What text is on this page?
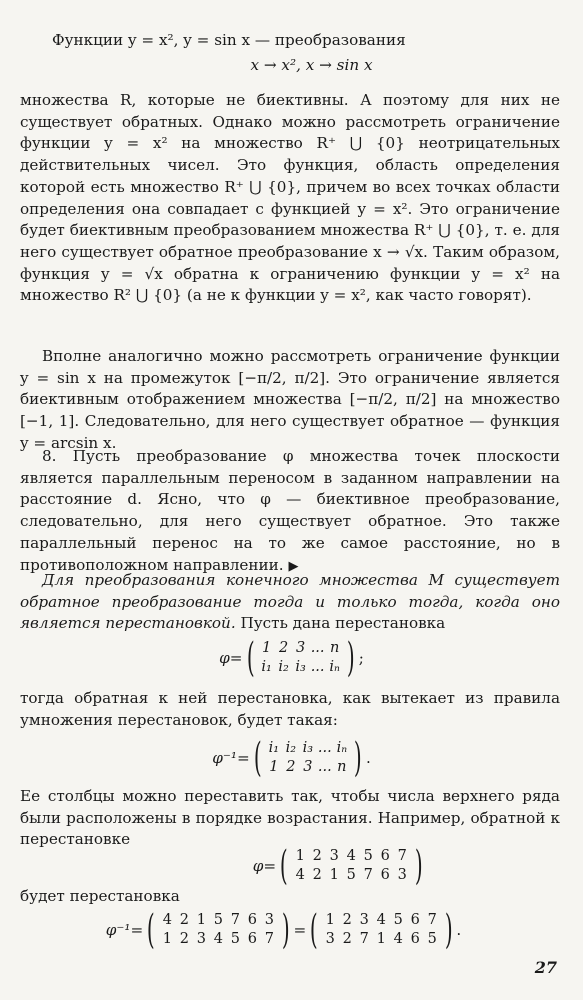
Функции y = x², y = sin x — преобразования

x → x², x → sin x

множества R, которые не биективны. А поэтому для них не существует обратных. Однако можно рассмотреть ограничение функции y = x² на множество R⁺ ⋃ {0} неотрицательных действительных чисел. Это функция, область определения которой есть множество R⁺ ⋃ {0}, причем во всех точках области определения она совпадает с функцией y = x². Это ограничение будет биективным преобразованием множества R⁺ ⋃ {0}, т. е. для него существует обратное преобразование x → √x. Таким образом, функция y = √x обратна к ограничению функции y = x² на множество R² ⋃ {0} (а не к функции y = x², как часто говорят).

Вполне аналогично можно рассмотреть ограничение функции y = sin x на промежуток [−π/2, π/2]. Это ограничение является биективным отображением множества [−π/2, π/2] на множество [−1, 1]. Следовательно, для него существует обратное — функция y = arcsin x.

8. Пусть преобразование φ множества точек плоскости является параллельным переносом в заданном направлении на расстояние d. Ясно, что φ — биективное преобразование, следовательно, для него существует обратное. Это также параллельный перенос на то же самое расстояние, но в противоположном направлении. ▶

Для преобразования конечного множества M существует обратное преобразование тогда и только тогда, когда оно является перестановкой. Пусть дана перестановка

φ = ( 1 2 3 ... n
i₁ i₂ i₃ ... iₙ ) ;

тогда обратная к ней перестановка, как вытекает из правила умножения перестановок, будет такая:

φ⁻¹ = ( i₁ i₂ i₃ ... iₙ
1 2 3 ... n ) .

Ее столбцы можно переставить так, чтобы числа верхнего ряда были расположены в порядке возрастания. Например, обратной к перестановке

φ = ( 1 2 3 4 5 6 7
4 2 1 5 7 6 3 )

будет перестановка

φ⁻¹ = ( 4 2 1 5 7 6 3
1 2 3 4 5 6 7 ) = ( 1 2 3 4 5 6 7
3 2 7 1 4 6 5 ) .
27
